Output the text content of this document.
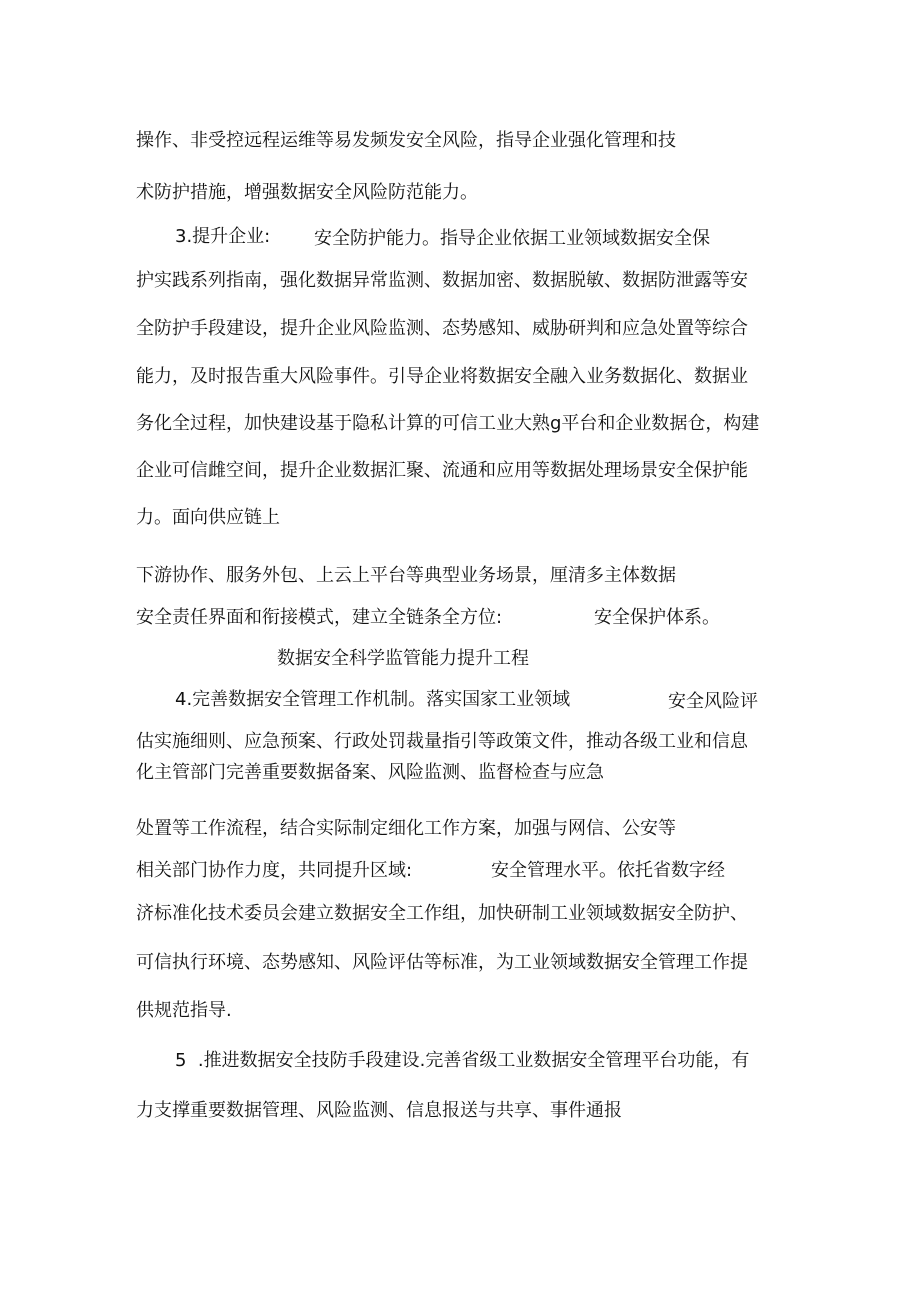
操作、非受控远程运维等易发频发安全风险，指导企业强化管理和技
术防护措施，增强数据安全风险防范能力。
3.提升企业: 安全防护能力。指导企业依据工业领域数据安全保
护实践系列指南，强化数据异常监测、数据加密、数据脱敏、数据防泄露等安
全防护手段建设，提升企业风险监测、态势感知、威胁研判和应急处置等综合
能力，及时报告重大风险事件。引导企业将数据安全融入业务数据化、数据业
务化全过程，加快建设基于隐私计算的可信工业大熟g平台和企业数据仓，构建
企业可信雌空间，提升企业数据汇聚、流通和应用等数据处理场景安全保护能
力。面向供应链上
下游协作、服务外包、上云上平台等典型业务场景，厘清多主体数据
安全责任界面和衔接模式，建立全链条全方位:	安全保护体系。
数据安全科学监管能力提升工程
4.完善数据安全管理工作机制。落实国家工业领域	安全风险评
估实施细则、应急预案、行政处罚裁量指引等政策文件，推动各级工业和信息
化主管部门完善重要数据备案、风险监测、监督检查与应急
处置等工作流程，结合实际制定细化工作方案，加强与网信、公安等
相关部门协作力度，共同提升区域:	安全管理水平。依托省数字经
济标准化技术委员会建立数据安全工作组，加快研制工业领域数据安全防护、
可信执行环境、态势感知、风险评估等标准，为工业领域数据安全管理工作提
供规范指导.
5  .推进数据安全技防手段建设.完善省级工业数据安全管理平台功能，有
力支撑重要数据管理、风险监测、信息报送与共享、事件通报
